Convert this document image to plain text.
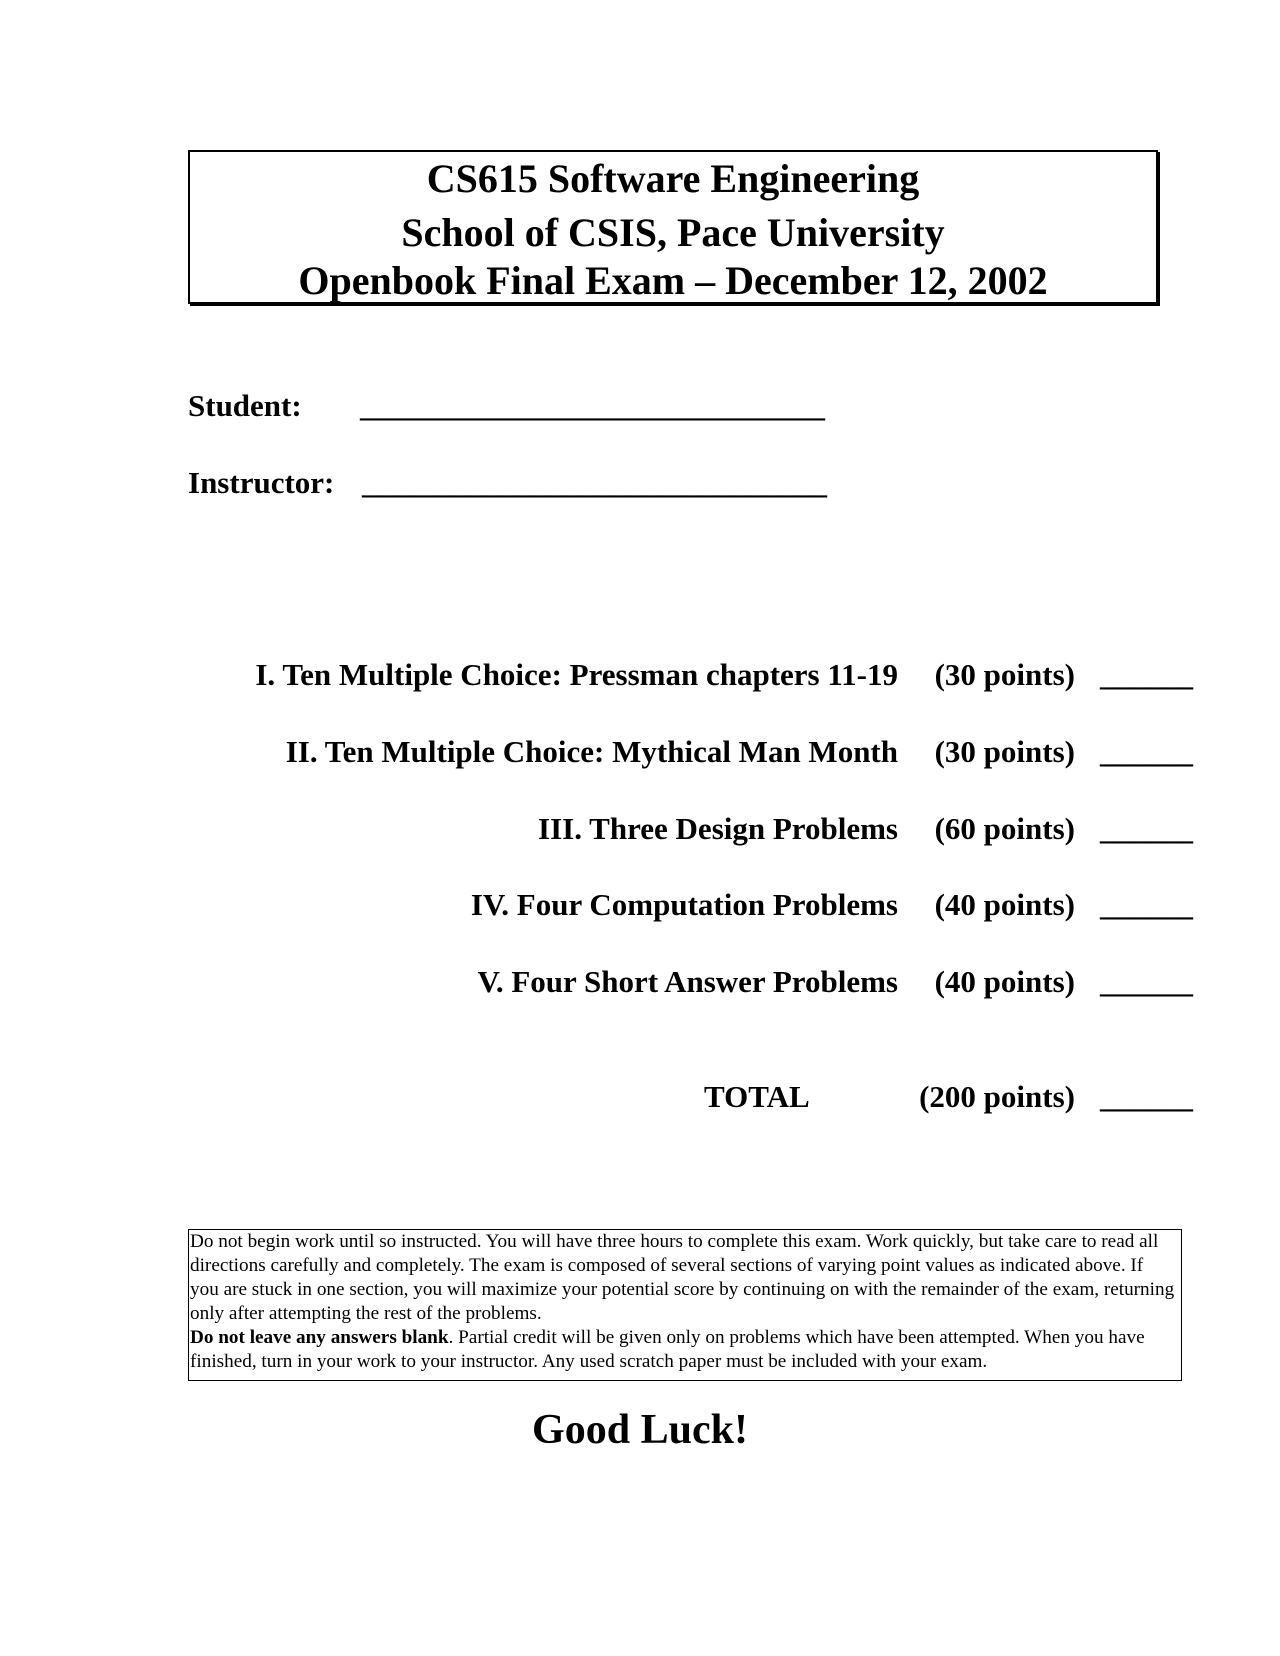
CS615 Software Engineering
School of CSIS, Pace University
Openbook Final Exam – December 12, 2002
Student: ______________________________
Instructor: ______________________________
I. Ten Multiple Choice: Pressman chapters 11-19 (30 points) ______
II. Ten Multiple Choice: Mythical Man Month (30 points) ______
III. Three Design Problems (60 points) ______
IV. Four Computation Problems (40 points) ______
V. Four Short Answer Problems (40 points) ______
TOTAL	(200 points) ______

Do not begin work until so instructed. You will have three hours to complete this exam. Work quickly, but take care to read all directions carefully and completely. The exam is composed of several sections of varying point values as indicated above. If you are stuck in one section, you will maximize your potential score by continuing on with the remainder of the exam, returning only after attempting the rest of the problems.

Do not leave any answers blank. Partial credit will be given only on problems which have been attempted. When you have finished, turn in your work to your instructor. Any used scratch paper must be included with your exam.

Good Luck!
